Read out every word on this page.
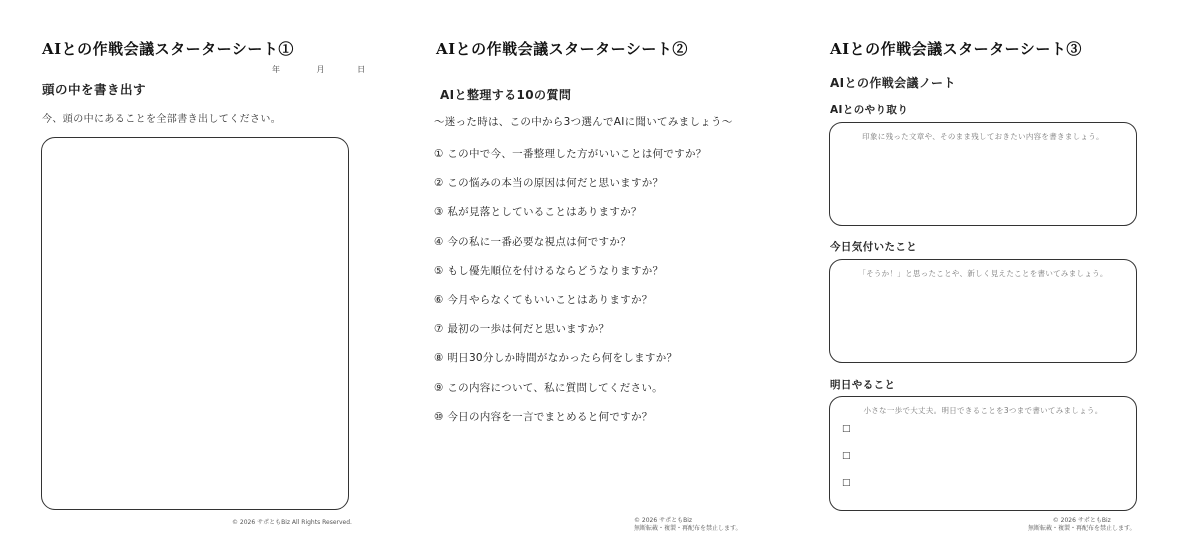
AIとの作戦会議スターターシート①
年	月	日
頭の中を書き出す
今、頭の中にあることを全部書き出してください。
© 2026 サポともBiz All Rights Reserved.
AIとの作戦会議スターターシート②
AIと整理する10の質問
〜迷った時は、この中から3つ選んでAIに聞いてみましょう〜
① この中で今、一番整理した方がいいことは何ですか？
② この悩みの本当の原因は何だと思いますか？
③ 私が見落としていることはありますか？
④ 今の私に一番必要な視点は何ですか？
⑤ もし優先順位を付けるならどうなりますか？
⑥ 今月やらなくてもいいことはありますか？
⑦ 最初の一歩は何だと思いますか？
⑧ 明日30分しか時間がなかったら何をしますか？
⑨ この内容について、私に質問してください。
⑩ 今日の内容を一言でまとめると何ですか？
© 2026 サポともBiz
無断転載・複製・再配布を禁止します。
AIとの作戦会議スターターシート③
AIとの作戦会議ノート
AIとのやり取り
印象に残った文章や、そのまま残しておきたい内容を書きましょう。
今日気付いたこと
「そうか！」と思ったことや、新しく見えたことを書いてみましょう。
明日やること
小さな一歩で大丈夫。明日できることを3つまで書いてみましょう。
□
□
□
© 2026 サポともBiz
無断転載・複製・再配布を禁止します。
